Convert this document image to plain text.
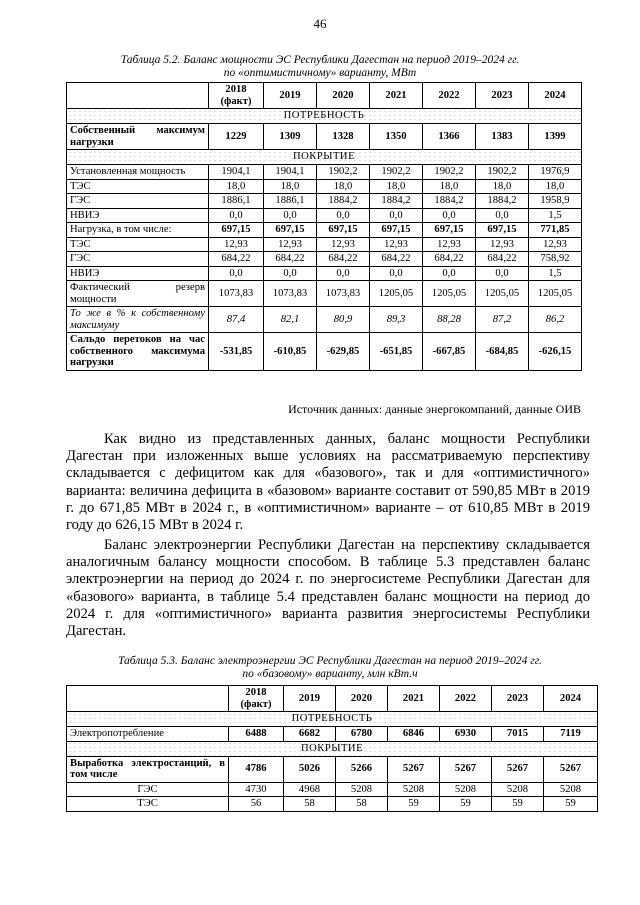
46
Таблица 5.2. Баланс мощности ЭС Республики Дагестан на период 2019–2024 гг.
по «оптимистичному» варианту, МВт
	2018 (факт)	2019	2020	2021	2022	2023	2024
ПОТРЕБНОСТЬ							
Собственный максимум нагрузки	1229	1309	1328	1350	1366	1383	1399
ПОКРЫТИЕ							
Установленная мощность	1904,1	1904,1	1902,2	1902,2	1902,2	1902,2	1976,9
ТЭС	18,0	18,0	18,0	18,0	18,0	18,0	18,0
ГЭС	1886,1	1886,1	1884,2	1884,2	1884,2	1884,2	1958,9
НВИЭ	0,0	0,0	0,0	0,0	0,0	0,0	1,5
Нагрузка, в том числе:	697,15	697,15	697,15	697,15	697,15	697,15	771,85
ТЭС	12,93	12,93	12,93	12,93	12,93	12,93	12,93
ГЭС	684,22	684,22	684,22	684,22	684,22	684,22	758,92
НВИЭ	0,0	0,0	0,0	0,0	0,0	0,0	1,5
Фактический резерв мощности	1073,83	1073,83	1073,83	1205,05	1205,05	1205,05	1205,05
То же в % к собственному максимуму	87,4	82,1	80,9	89,3	88,28	87,2	86,2
Сальдо перетоков на час собственного максимума нагрузки	-531,85	-610,85	-629,85	-651,85	-667,85	-684,85	-626,15
Источник данных: данные энергокомпаний, данные ОИВ

Как видно из представленных данных, баланс мощности Республики Дагестан при изложенных выше условиях на рассматриваемую перспективу складывается с дефицитом как для «базового», так и для «оптимистичного» варианта: величина дефицита в «базовом» варианте составит от 590,85 МВт в 2019 г. до 671,85 МВт в 2024 г., в «оптимистичном» варианте – от 610,85 МВт в 2019 году до 626,15 МВт в 2024 г.

Баланс электроэнергии Республики Дагестан на перспективу складывается аналогичным балансу мощности способом. В таблице 5.3 представлен баланс электроэнергии на период до 2024 г. по энергосистеме Республики Дагестан для «базового» варианта, в таблице 5.4 представлен баланс мощности на период до 2024 г. для «оптимистичного» варианта развития энергосистемы Республики Дагестан.

Таблица 5.3. Баланс электроэнергии ЭС Республики Дагестан на период 2019–2024 гг.
по «базовому» варианту, млн кВт.ч
	2018 (факт)	2019	2020	2021	2022	2023	2024
ПОТРЕБНОСТЬ							
Электропотребление	6488	6682	6780	6846	6930	7015	7119
ПОКРЫТИЕ							
Выработка электростанций, в том числе	4786	5026	5266	5267	5267	5267	5267
ГЭС	4730	4968	5208	5208	5208	5208	5208
ТЭС	56	58	58	59	59	59	59
